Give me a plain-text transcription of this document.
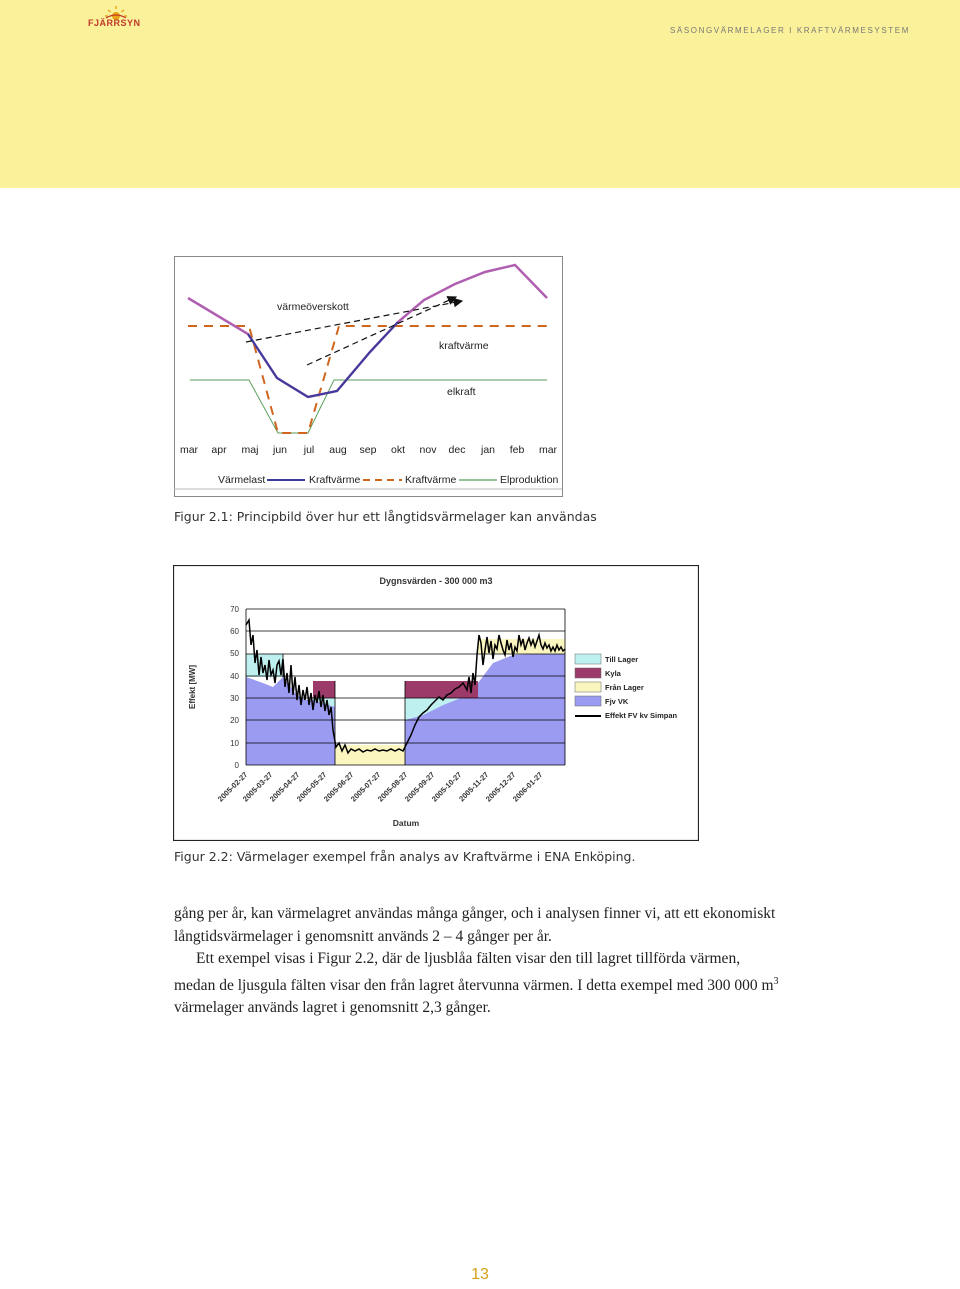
FJÄRRSYN
SÄSONGVÄRMELAGER I KRAFTVÄRMESYSTEM
värmeöverskott
kraftvärme
elkraft
mar apr maj jun jul aug sep okt nov dec jan feb mar
Värmelast	Kraftvärme	Kraftvärme	Elproduktion
Figur 2.1: Principbild över hur ett långtidsvärmelager kan användas
Dygnsvärden - 300 000 m3
Effekt [MW]
70
60
50
40
30
20
10
0
Till Lager
Kyla
Från Lager
Fjv VK
Effekt FV kv Simpan
2005-02-27
2005-03-27
2005-04-27
2005-05-27
2005-06-27
2005-07-27
2005-08-27
2005-09-27
2005-10-27
2005-11-27
2005-12-27
2006-01-27
Datum
Figur 2.2: Värmelager exempel från analys av Kraftvärme i ENA Enköping.

gång per år, kan värmelagret användas många gånger, och i analysen finner vi, att ett ekonomiskt långtidsvärmelager i genomsnitt används 2 – 4 gånger per år.

Ett exempel visas i Figur 2.2, där de ljusblåa fälten visar den till lagret tillförda värmen, medan de ljusgula fälten visar den från lagret återvunna värmen. I detta exempel med 300 000 $m^3$ värmelager används lagret i genomsnitt 2,3 gånger.

13
